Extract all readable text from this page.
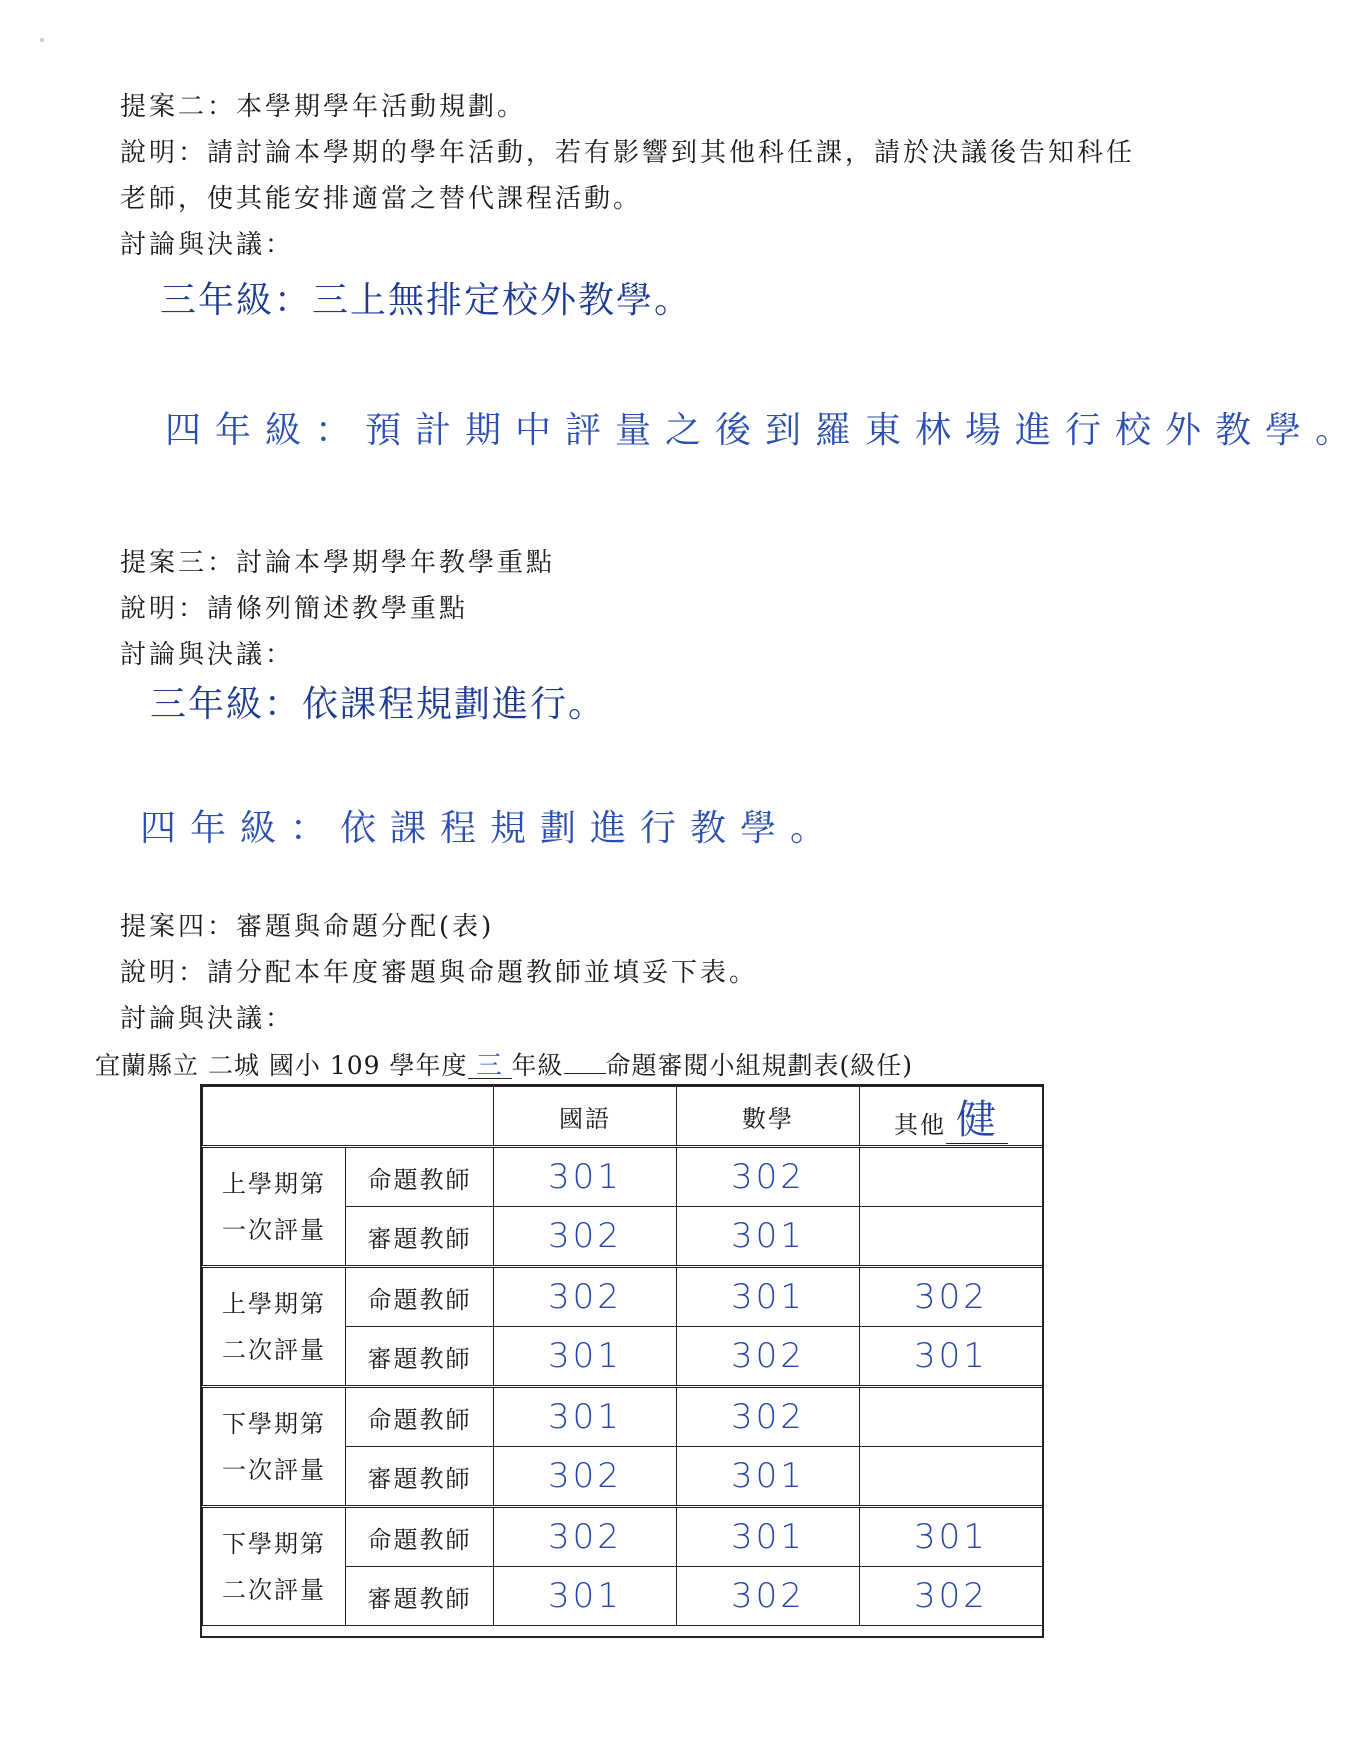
提案二：本學期學年活動規劃。
說明：請討論本學期的學年活動，若有影響到其他科任課，請於決議後告知科任
老師，使其能安排適當之替代課程活動。
討論與決議：
三年級：三上無排定校外教學。
四年級：預計期中評量之後到羅東林場進行校外教學。
提案三：討論本學期學年教學重點
說明：請條列簡述教學重點
討論與決議：
三年級：依課程規劃進行。
四年級：依課程規劃進行教學。
提案四：審題與命題分配(表)
說明：請分配本年度審題與命題教師並填妥下表。
討論與決議：
宜蘭縣立 二城 國小 109 學年度 三 年級 命題審閱小組規劃表(級任)
		國語	數學	其他 健

上學期第
一次評量	命題教師	301	302	
	審題教師	302	301	

上學期第
二次評量	命題教師	302	301	302
	審題教師	301	302	301

下學期第
一次評量	命題教師	301	302	
	審題教師	302	301	

下學期第
二次評量	命題教師	302	301	301
	審題教師	301	302	302
